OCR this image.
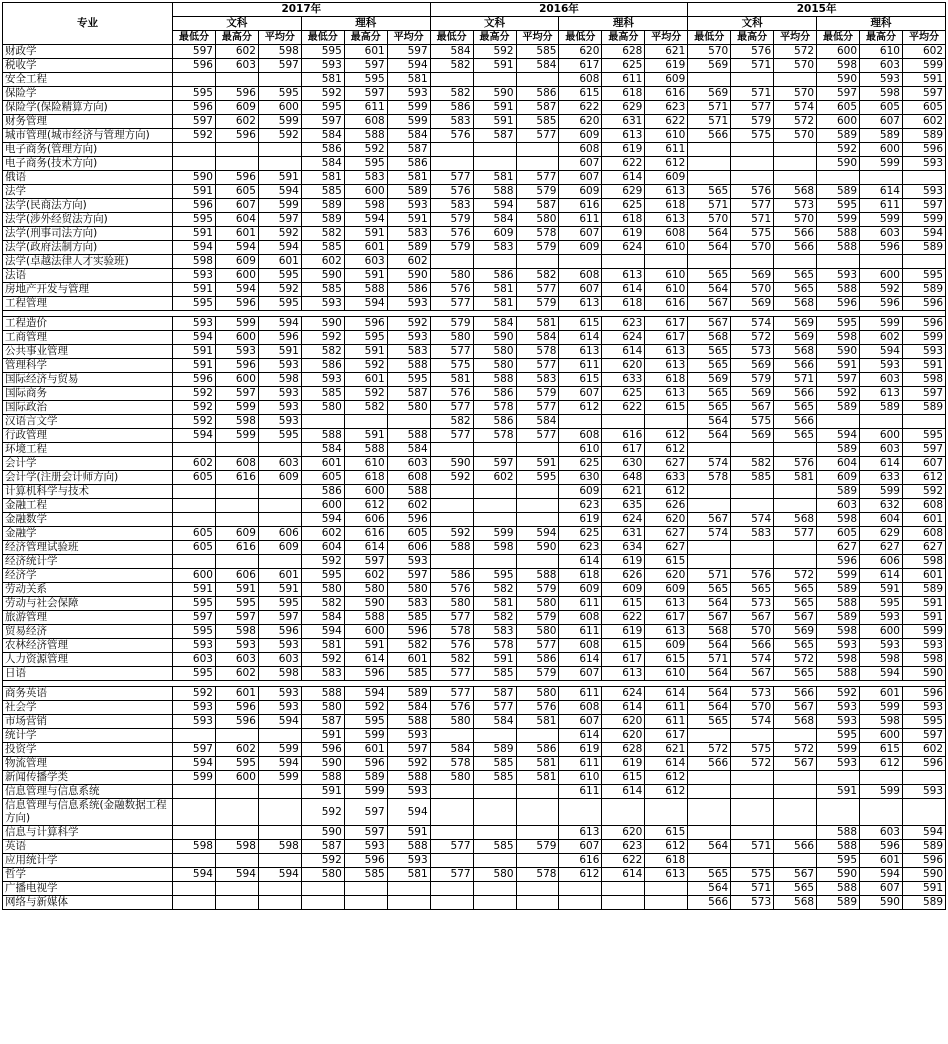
专业	2017年						2016年						2015年					
	文科			理科			文科			理科			文科			理科		
	最低分	最高分	平均分	最低分	最高分	平均分	最低分	最高分	平均分	最低分	最高分	平均分	最低分	最高分	平均分	最低分	最高分	平均分
财政学	597	602	598	595	601	597	584	592	585	620	628	621	570	576	572	600	610	602
税收学	596	603	597	593	597	594	582	591	584	617	625	619	569	571	570	598	603	599
安全工程				581	595	581				608	611	609				590	593	591
保险学	595	596	595	592	597	593	582	590	586	615	618	616	569	571	570	597	598	597
保险学(保险精算方向)	596	609	600	595	611	599	586	591	587	622	629	623	571	577	574	605	605	605
财务管理	597	602	599	597	608	599	583	591	585	620	631	622	571	579	572	600	607	602
城市管理(城市经济与管理方向)	592	596	592	584	588	584	576	587	577	609	613	610	566	575	570	589	589	589
电子商务(管理方向)				586	592	587				608	619	611				592	600	596
电子商务(技术方向)				584	595	586				607	622	612				590	599	593
俄语	590	596	591	581	583	581	577	581	577	607	614	609						
法学	591	605	594	585	600	589	576	588	579	609	629	613	565	576	568	589	614	593
法学(民商法方向)	596	607	599	589	598	593	583	594	587	616	625	618	571	577	573	595	611	597
法学(涉外经贸法方向)	595	604	597	589	594	591	579	584	580	611	618	613	570	571	570	599	599	599
法学(刑事司法方向)	591	601	592	582	591	583	576	609	578	607	619	608	564	575	566	588	603	594
法学(政府法制方向)	594	594	594	585	601	589	579	583	579	609	624	610	564	570	566	588	596	589
法学(卓越法律人才实验班)	598	609	601	602	603	602												
法语	593	600	595	590	591	590	580	586	582	608	613	610	565	569	565	593	600	595
房地产开发与管理	591	594	592	585	588	586	576	581	577	607	614	610	564	570	565	588	592	589
工程管理	595	596	595	593	594	593	577	581	579	613	618	616	567	569	568	596	596	596

工程造价	593	599	594	590	596	592	579	584	581	615	623	617	567	574	569	595	599	596
工商管理	594	600	596	592	595	593	580	590	584	614	624	617	568	572	569	598	602	599
公共事业管理	591	593	591	582	591	583	577	580	578	613	614	613	565	573	568	590	594	593
管理科学	591	596	593	586	592	588	575	580	577	611	620	613	565	569	566	591	593	591
国际经济与贸易	596	600	598	593	601	595	581	588	583	615	633	618	569	579	571	597	603	598
国际商务	592	597	593	585	592	587	576	586	579	607	625	613	565	569	566	592	613	597
国际政治	592	599	593	580	582	580	577	578	577	612	622	615	565	567	565	589	589	589
汉语言文学	592	598	593				582	586	584				564	575	566			
行政管理	594	599	595	588	591	588	577	578	577	608	616	612	564	569	565	594	600	595
环境工程				584	588	584				610	617	612				589	603	597
会计学	602	608	603	601	610	603	590	597	591	625	630	627	574	582	576	604	614	607
会计学(注册会计师方向)	605	616	609	605	618	608	592	602	595	630	648	633	578	585	581	609	633	612
计算机科学与技术				586	600	588				609	621	612				589	599	592
金融工程				600	612	602				623	635	626				603	632	608
金融数学				594	606	596				619	624	620	567	574	568	598	604	601
金融学	605	609	606	602	616	605	592	599	594	625	631	627	574	583	577	605	629	608
经济管理试验班	605	616	609	604	614	606	588	598	590	623	634	627				627	627	627
经济统计学				592	597	593				614	619	615				596	606	598
经济学	600	606	601	595	602	597	586	595	588	618	626	620	571	576	572	599	614	601
劳动关系	591	591	591	580	580	580	576	582	579	609	609	609	565	565	565	589	591	589
劳动与社会保障	595	595	595	582	590	583	580	581	580	611	615	613	564	573	565	588	595	591
旅游管理	597	597	597	584	588	585	577	582	579	608	622	617	567	567	567	589	593	591
贸易经济	595	598	596	594	600	596	578	583	580	611	619	613	568	570	569	598	600	599
农林经济管理	593	593	593	581	591	582	576	578	577	608	615	609	564	566	565	593	593	593
人力资源管理	603	603	603	592	614	601	582	591	586	614	617	615	571	574	572	598	598	598
日语	595	602	598	583	596	585	577	585	579	607	613	610	564	567	565	588	594	590

商务英语	592	601	593	588	594	589	577	587	580	611	624	614	564	573	566	592	601	596
社会学	593	596	593	580	592	584	576	577	576	608	614	611	564	570	567	593	599	593
市场营销	593	596	594	587	595	588	580	584	581	607	620	611	565	574	568	593	598	595
统计学				591	599	593				614	620	617				595	600	597
投资学	597	602	599	596	601	597	584	589	586	619	628	621	572	575	572	599	615	602
物流管理	594	595	594	590	596	592	578	585	581	611	619	614	566	572	567	593	612	596
新闻传播学类	599	600	599	588	589	588	580	585	581	610	615	612						
信息管理与信息系统				591	599	593				611	614	612				591	599	593
信息管理与信息系统(金融数据工程方向)				592	597	594												
信息与计算科学				590	597	591				613	620	615				588	603	594
英语	598	598	598	587	593	588	577	585	579	607	623	612	564	571	566	588	596	589
应用统计学				592	596	593				616	622	618				595	601	596
哲学	594	594	594	580	585	581	577	580	578	612	614	613	565	575	567	590	594	590
广播电视学													564	571	565	588	607	591
网络与新媒体													566	573	568	589	590	589
